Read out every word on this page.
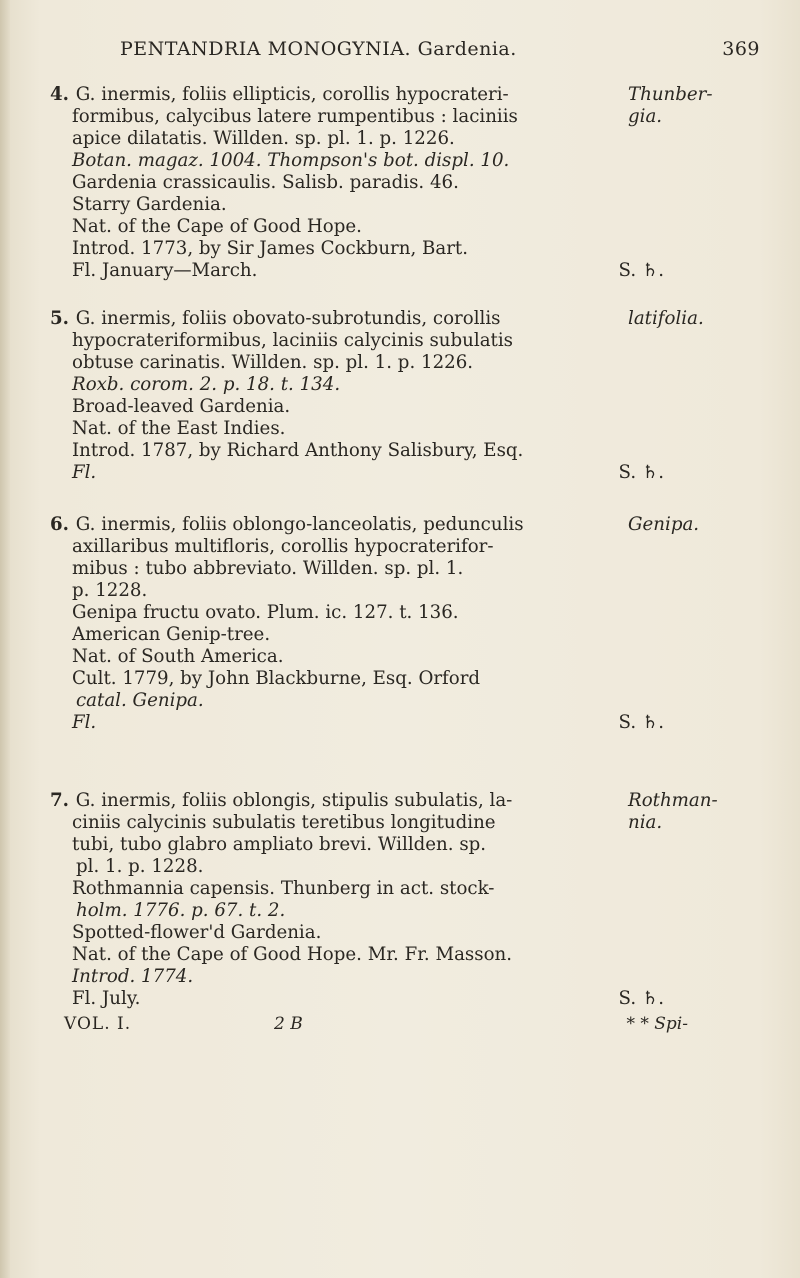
PENTANDRIA MONOGYNIA. Gardenia.	369
4. G. inermis, foliis ellipticis, corollis hypocrateri-
formibus, calycibus latere rumpentibus : laciniis
apice dilatatis. Willden. sp. pl. 1. p. 1226.
Botan. magaz. 1004. Thompson's bot. displ. 10.
Gardenia crassicaulis. Salisb. paradis. 46.
Starry Gardenia.
Nat. of the Cape of Good Hope.
Introd. 1773, by Sir James Cockburn, Bart.
Fl. January—March.	S. ♄.
Thunber-
gia.
5. G. inermis, foliis obovato-subrotundis, corollis
hypocrateriformibus, laciniis calycinis subulatis
obtuse carinatis. Willden. sp. pl. 1. p. 1226.
Roxb. corom. 2. p. 18. t. 134.
Broad-leaved Gardenia.
Nat. of the East Indies.
Introd. 1787, by Richard Anthony Salisbury, Esq.
Fl.	S. ♄.
latifolia.
6. G. inermis, foliis oblongo-lanceolatis, pedunculis
axillaribus multifloris, corollis hypocraterifor-
mibus : tubo abbreviato. Willden. sp. pl. 1.
p. 1228.
Genipa fructu ovato. Plum. ic. 127. t. 136.
American Genip-tree.
Nat. of South America.
Cult. 1779, by John Blackburne, Esq. Orford
catal. Genipa.
Fl.	S. ♄.
Genipa.
7. G. inermis, foliis oblongis, stipulis subulatis, la-
ciniis calycinis subulatis teretibus longitudine
tubi, tubo glabro ampliato brevi. Willden. sp.
pl. 1. p. 1228.
Rothmannia capensis. Thunberg in act. stock-
holm. 1776. p. 67. t. 2.
Spotted-flower'd Gardenia.
Nat. of the Cape of Good Hope. Mr. Fr. Masson.
Introd. 1774.
Fl. July.	S. ♄.
Rothman-
nia.
VOL. I.	2 B	* * Spi-
